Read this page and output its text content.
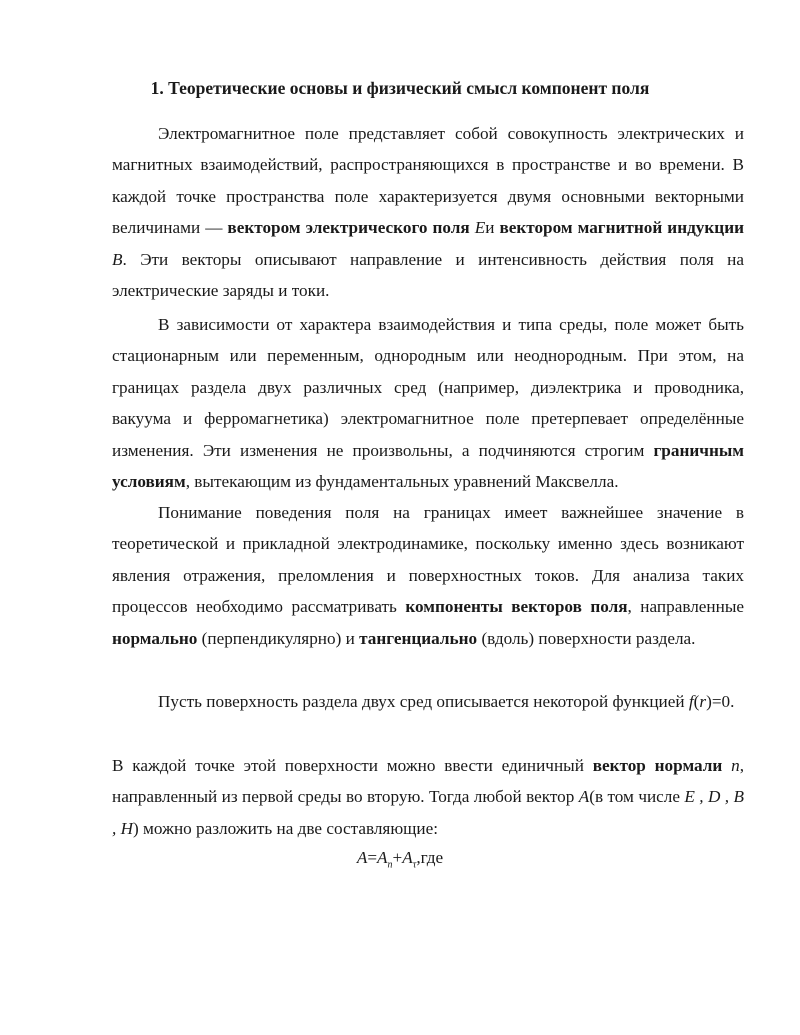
1. Теоретические основы и физический смысл компонент поля

Электромагнитное поле представляет собой совокупность электрических и магнитных взаимодействий, распространяющихся в пространстве и во времени. В каждой точке пространства поле характеризуется двумя основными векторными величинами — вектором электрического поля Eи вектором магнитной индукции B. Эти векторы описывают направление и интенсивность действия поля на электрические заряды и токи.

В зависимости от характера взаимодействия и типа среды, поле может быть стационарным или переменным, однородным или неоднородным. При этом, на границах раздела двух различных сред (например, диэлектрика и проводника, вакуума и ферромагнетика) электромагнитное поле претерпевает определённые изменения. Эти изменения не произвольны, а подчиняются строгим граничным условиям, вытекающим из фундаментальных уравнений Максвелла.

Понимание поведения поля на границах имеет важнейшее значение в теоретической и прикладной электродинамике, поскольку именно здесь возникают явления отражения, преломления и поверхностных токов. Для анализа таких процессов необходимо рассматривать компоненты векторов поля, направленные нормально (перпендикулярно) и тангенциально (вдоль) поверхности раздела.

Пусть поверхность раздела двух сред описывается некоторой функцией f(r)=0.

В каждой точке этой поверхности можно ввести единичный вектор нормали n, направленный из первой среды во вторую. Тогда любой вектор A(в том числе E , D , B , H) можно разложить на две составляющие:

$A=A_n+A_\tau,где$
